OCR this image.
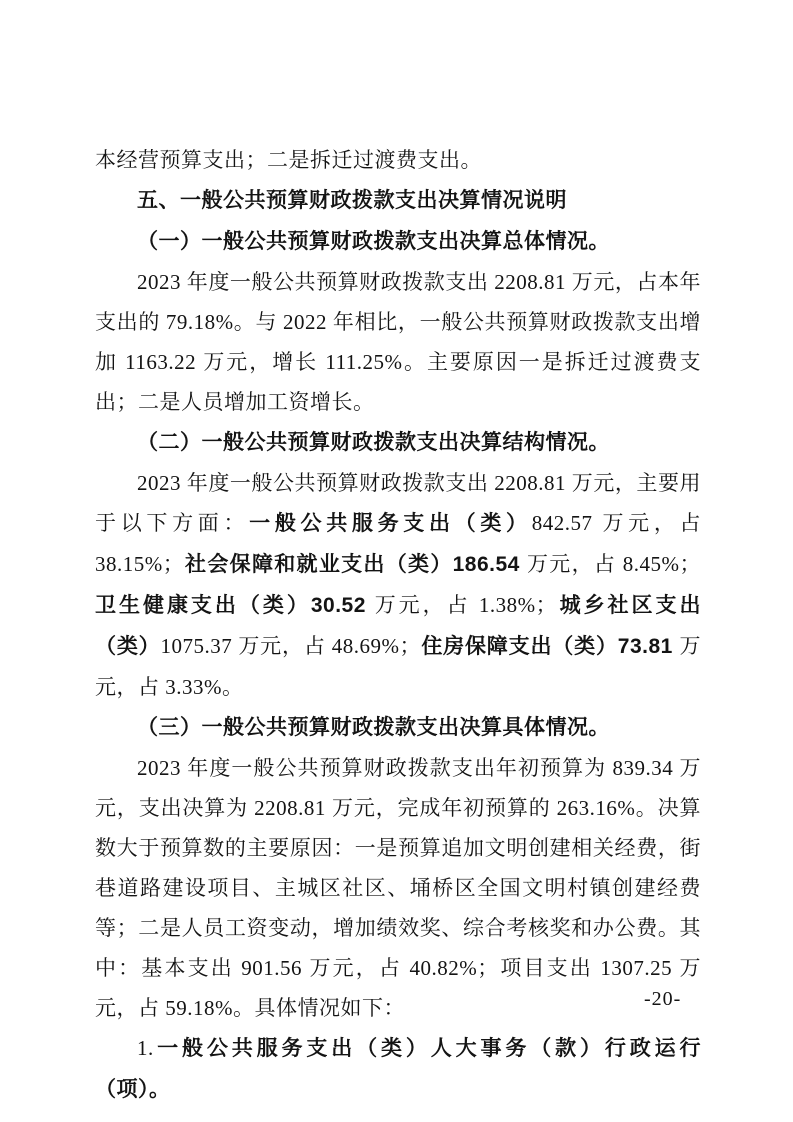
本经营预算支出；二是拆迁过渡费支出。

五、一般公共预算财政拨款支出决算情况说明

（一）一般公共预算财政拨款支出决算总体情况。

2023 年度一般公共预算财政拨款支出 2208.81 万元，占本年支出的 79.18%。与 2022 年相比，一般公共预算财政拨款支出增加 1163.22 万元，增长 111.25%。主要原因一是拆迁过渡费支出；二是人员增加工资增长。

（二）一般公共预算财政拨款支出决算结构情况。

2023 年度一般公共预算财政拨款支出 2208.81 万元，主要用于以下方面：一般公共服务支出（类）842.57 万元，占 38.15%；社会保障和就业支出（类）186.54 万元，占 8.45%；卫生健康支出（类）30.52 万元，占 1.38%；城乡社区支出（类）1075.37 万元，占 48.69%；住房保障支出（类）73.81 万元，占 3.33%。

（三）一般公共预算财政拨款支出决算具体情况。

2023 年度一般公共预算财政拨款支出年初预算为 839.34 万元，支出决算为 2208.81 万元，完成年初预算的 263.16%。决算数大于预算数的主要原因：一是预算追加文明创建相关经费，街巷道路建设项目、主城区社区、埇桥区全国文明村镇创建经费等；二是人员工资变动，增加绩效奖、综合考核奖和办公费。其中：基本支出 901.56 万元，占 40.82%；项目支出 1307.25 万元，占 59.18%。具体情况如下：

1.一般公共服务支出（类）人大事务（款）行政运行（项）。

-20-
